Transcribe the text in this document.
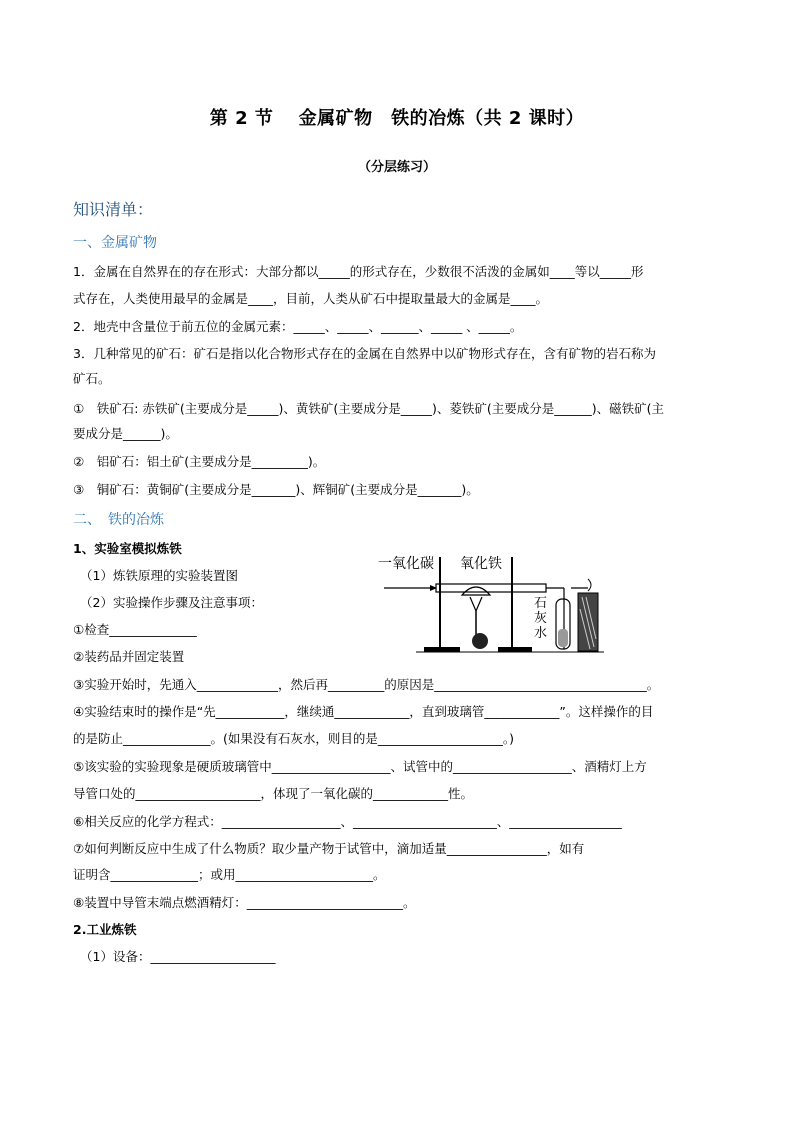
第 2 节　 金属矿物　铁的冶炼（共 2 课时）
（分层练习）
知识清单：
一、金属矿物
1．金属在自然界在的存在形式：大部分都以_____的形式存在，少数很不活泼的金属如____等以_____形
式存在，人类使用最早的金属是____，目前，人类从矿石中提取量最大的金属是____。
2．地壳中含量位于前五位的金属元素：_____、_____、______、_____ 、_____。
3．几种常见的矿石：矿石是指以化合物形式存在的金属在自然界中以矿物形式存在，含有矿物的岩石称为
矿石。
①　铁矿石: 赤铁矿(主要成分是_____)、黄铁矿(主要成分是_____)、菱铁矿(主要成分是______)、磁铁矿(主
要成分是______)。
②　铝矿石：铝土矿(主要成分是_________)。
③　铜矿石：黄铜矿(主要成分是_______)、辉铜矿(主要成分是_______)。
二、　铁的冶炼
1、实验室模拟炼铁
（1）炼铁原理的实验装置图
（2）实验操作步骤及注意事项：
①检查______________
②装药品并固定装置
③实验开始时，先通入_____________，然后再_________的原因是__________________________________。
④实验结束时的操作是“先___________，继续通____________，直到玻璃管____________”。这样操作的目
的是防止______________。(如果没有石灰水，则目的是____________________。)
⑤该实验的实验现象是硬质玻璃管中___________________、试管中的___________________、酒精灯上方
导管口处的____________________，体现了一氧化碳的____________性。
⑥相关反应的化学方程式：___________________、_______________________、__________________
⑦如何判断反应中生成了什么物质？取少量产物于试管中，滴加适量________________，如有
证明含______________；或用______________________。
⑧装置中导管末端点燃酒精灯：_________________________。
2.工业炼铁
（1）设备：____________________
一氧化碳 氧化铁
石
灰
水
